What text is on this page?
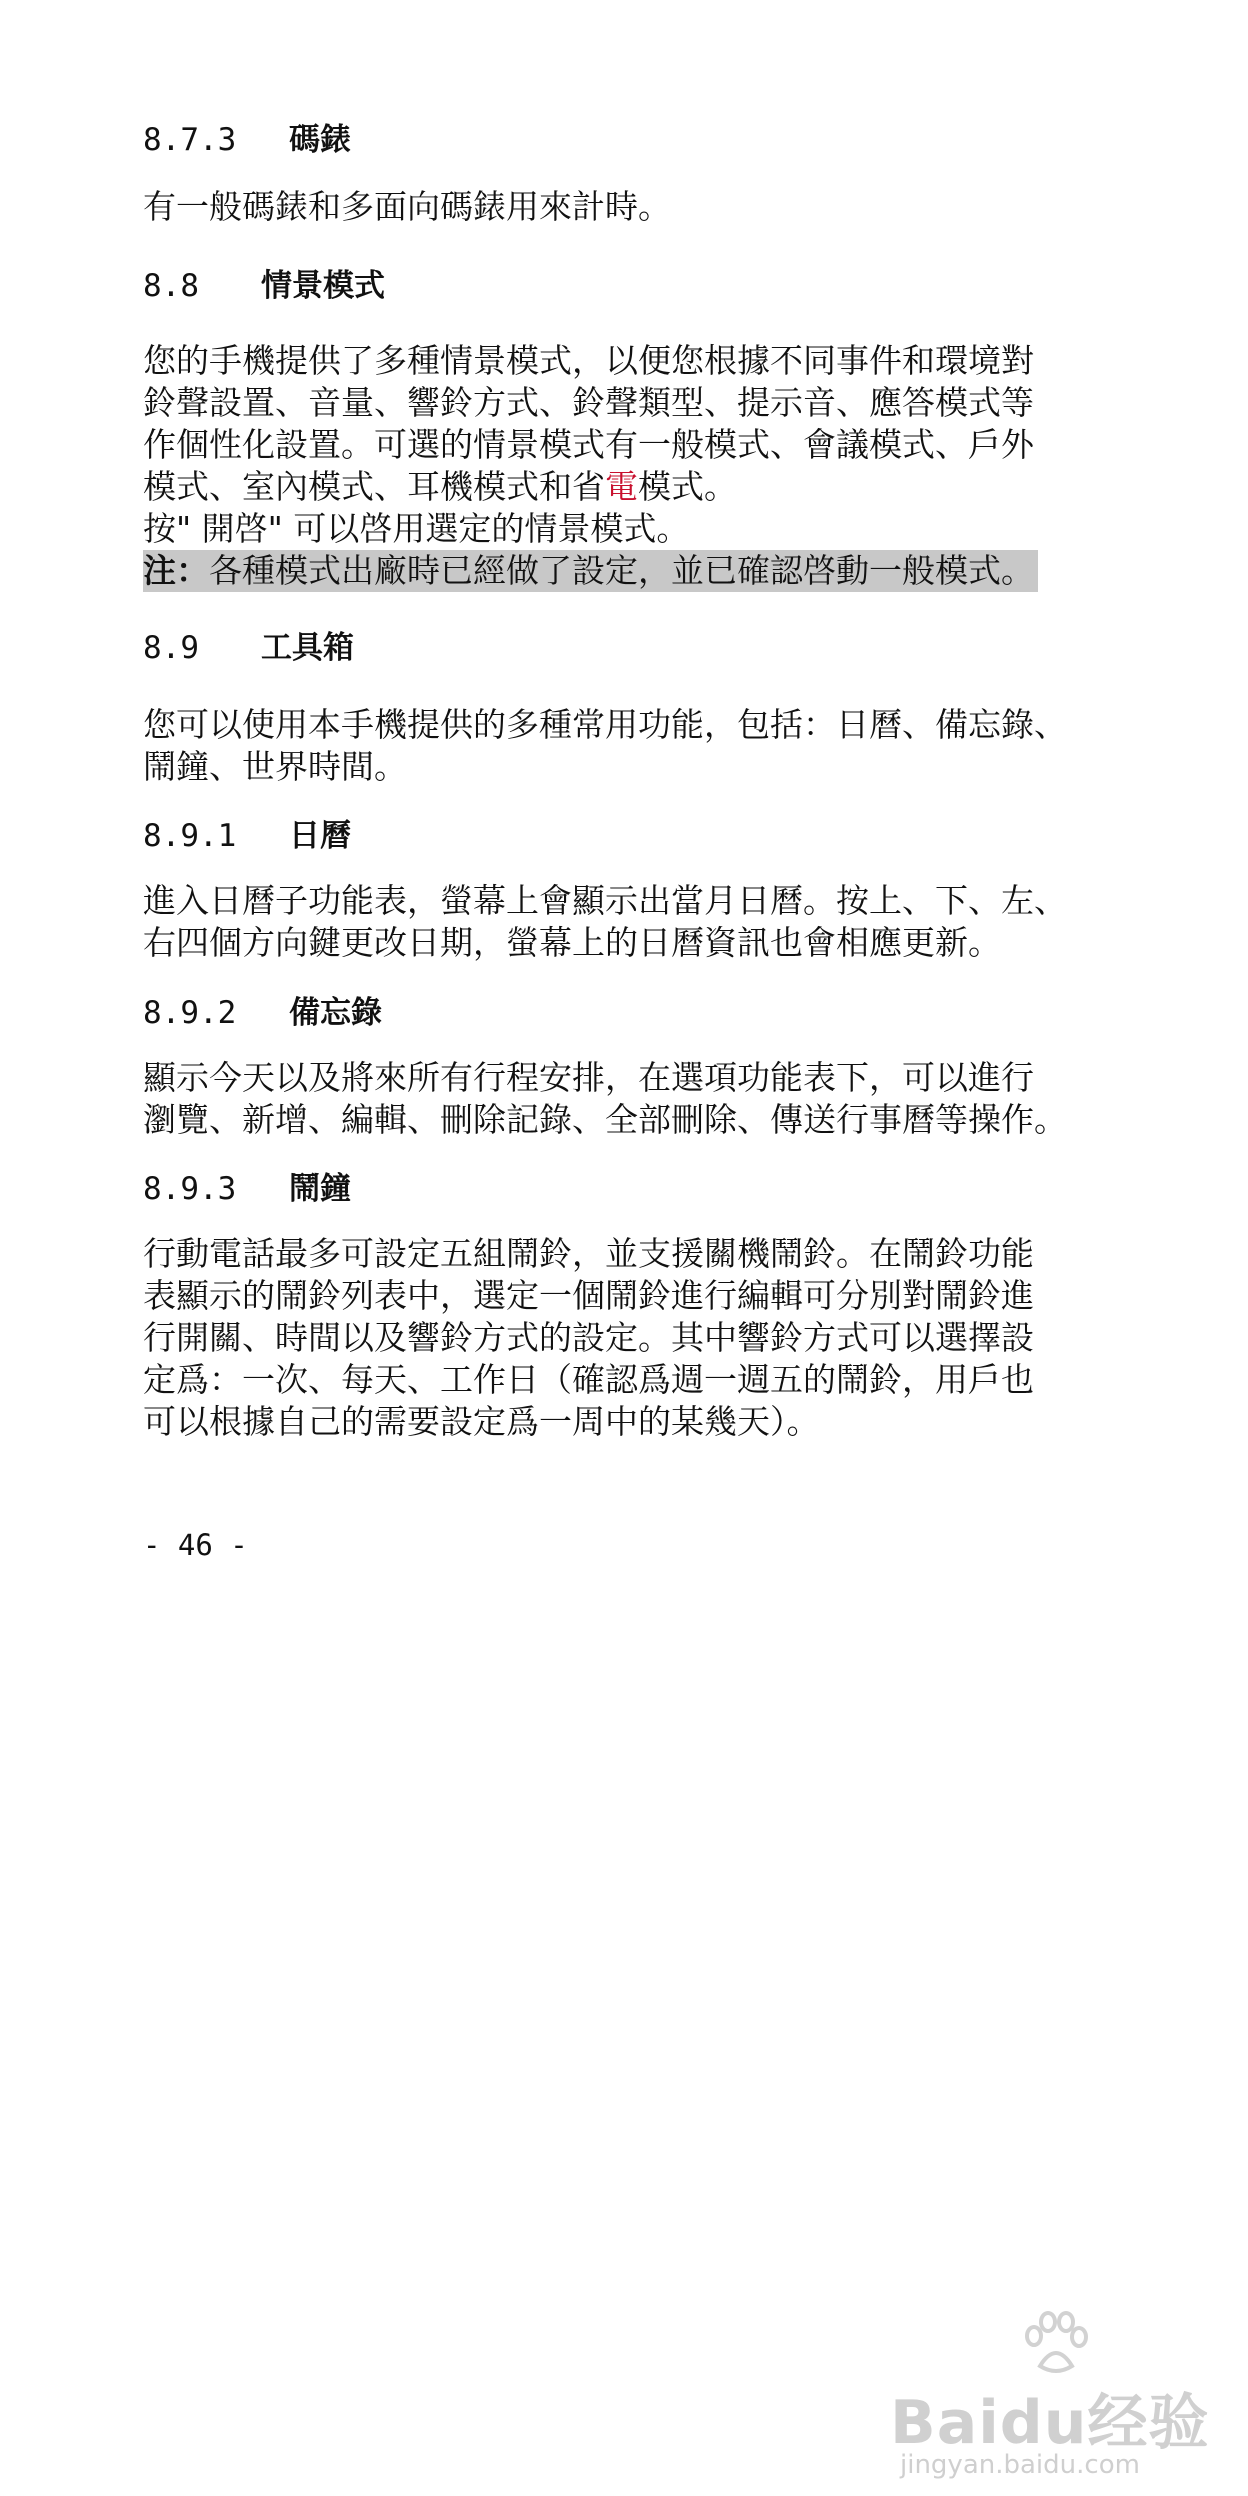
8.7.3 碼錶
有一般碼錶和多面向碼錶用來計時。
8.8 情景模式
您的手機提供了多種情景模式，以便您根據不同事件和環境對
鈴聲設置、音量、響鈴方式、鈴聲類型、提示音、應答模式等
作個性化設置。可選的情景模式有一般模式、會議模式、戶外
模式、室內模式、耳機模式和省電模式。
按" 開啓" 可以啓用選定的情景模式。
注：各種模式出廠時已經做了設定，並已確認啓動一般模式。
8.9 工具箱
您可以使用本手機提供的多種常用功能，包括：日曆、備忘錄、
鬧鐘、世界時間。
8.9.1 日曆
進入日曆子功能表，螢幕上會顯示出當月日曆。按上、下、左、
右四個方向鍵更改日期，螢幕上的日曆資訊也會相應更新。
8.9.2 備忘錄
顯示今天以及將來所有行程安排，在選項功能表下，可以進行
瀏覽、新增、編輯、刪除記錄、全部刪除、傳送行事曆等操作。
8.9.3 鬧鐘
行動電話最多可設定五組鬧鈴，並支援關機鬧鈴。在鬧鈴功能
表顯示的鬧鈴列表中，選定一個鬧鈴進行編輯可分別對鬧鈴進
行開關、時間以及響鈴方式的設定。其中響鈴方式可以選擇設
定爲：一次、每天、工作日（確認爲週一週五的鬧鈴，用戶也
可以根據自己的需要設定爲一周中的某幾天）。
- 46 -
Baidu经验
jingyan.baidu.com
